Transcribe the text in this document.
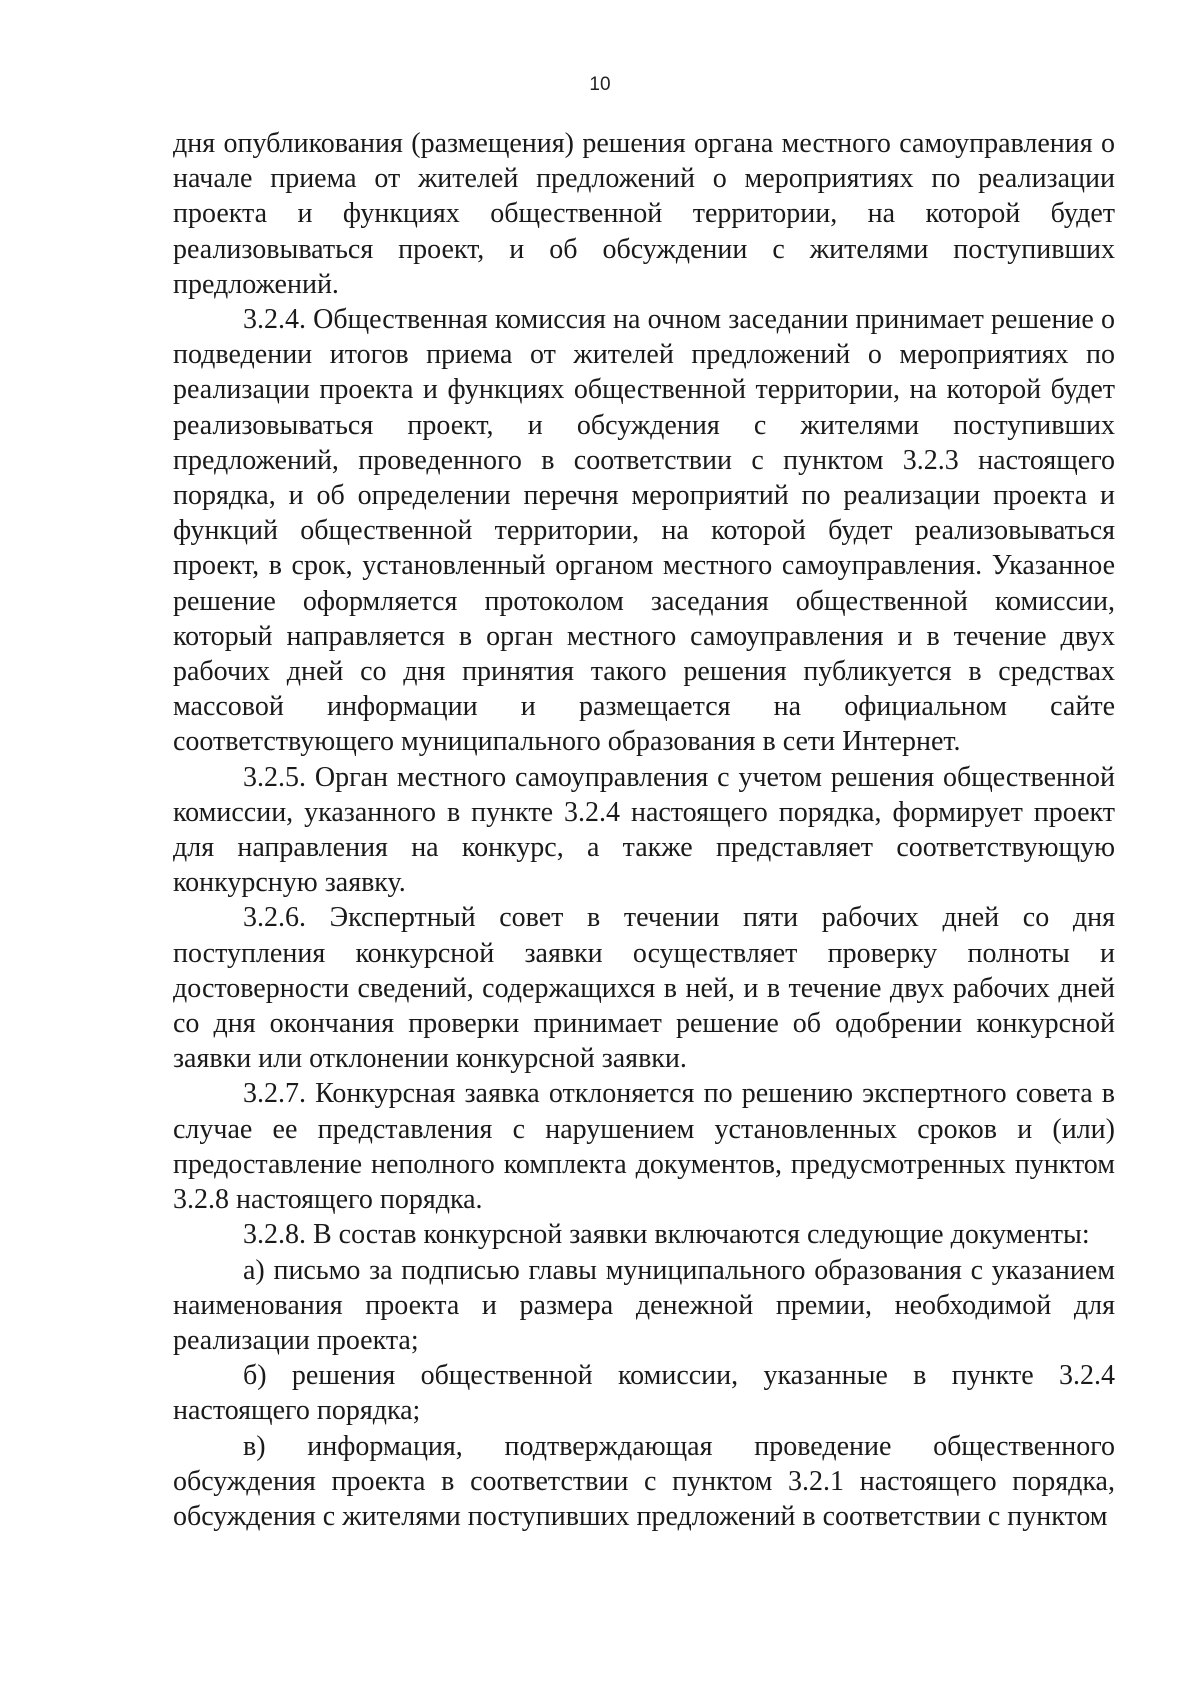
10

дня опубликования (размещения) решения органа местного самоуправления о начале приема от жителей предложений о мероприятиях по реализации проекта и функциях общественной территории, на которой будет реализовываться проект, и об обсуждении с жителями поступивших предложений.

3.2.4. Общественная комиссия на очном заседании принимает решение о подведении итогов приема от жителей предложений о мероприятиях по реализации проекта и функциях общественной территории, на которой будет реализовываться проект, и обсуждения с жителями поступивших предложений, проведенного в соответствии с пунктом 3.2.3 настоящего порядка, и об определении перечня мероприятий по реализации проекта и функций общественной территории, на которой будет реализовываться проект, в срок, установленный органом местного самоуправления. Указанное решение оформляется протоколом заседания общественной комиссии, который направляется в орган местного самоуправления и в течение двух рабочих дней со дня принятия такого решения публикуется в средствах массовой информации и размещается на официальном сайте соответствующего муниципального образования в сети Интернет.

3.2.5. Орган местного самоуправления с учетом решения общественной комиссии, указанного в пункте 3.2.4 настоящего порядка, формирует проект для направления на конкурс, а также представляет соответствующую конкурсную заявку.

3.2.6. Экспертный совет в течении пяти рабочих дней со дня поступления конкурсной заявки осуществляет проверку полноты и достоверности сведений, содержащихся в ней, и в течение двух рабочих дней со дня окончания проверки принимает решение об одобрении конкурсной заявки или отклонении конкурсной заявки.

3.2.7. Конкурсная заявка отклоняется по решению экспертного совета в случае ее представления с нарушением установленных сроков и (или) предоставление неполного комплекта документов, предусмотренных пунктом 3.2.8 настоящего порядка.

3.2.8. В состав конкурсной заявки включаются следующие документы:

а) письмо за подписью главы муниципального образования с указанием наименования проекта и размера денежной премии, необходимой для реализации проекта;

б) решения общественной комиссии, указанные в пункте 3.2.4 настоящего порядка;

в) информация, подтверждающая проведение общественного обсуждения проекта в соответствии с пунктом 3.2.1 настоящего порядка, обсуждения с жителями поступивших предложений в соответствии с пунктом
